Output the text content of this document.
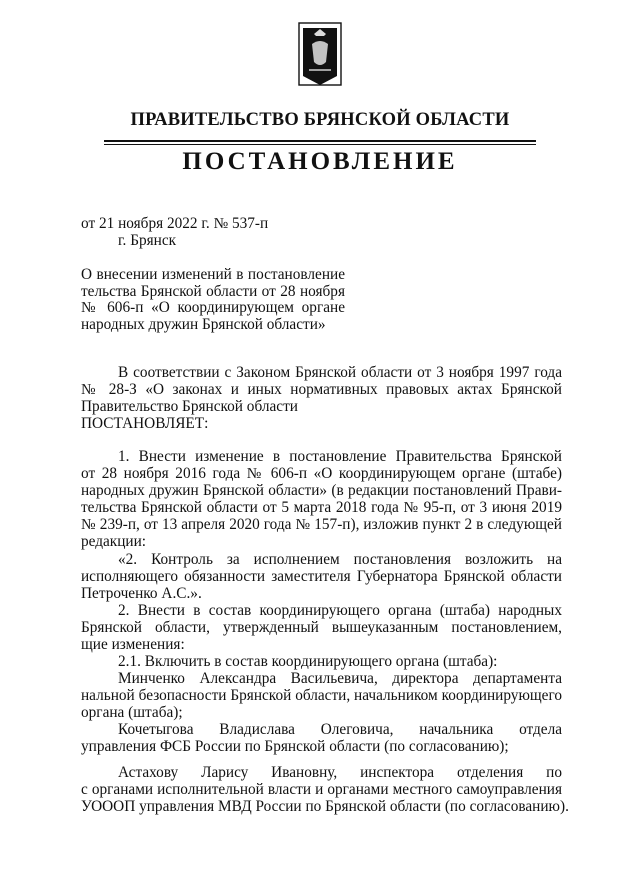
ПРАВИТЕЛЬСТВО БРЯНСКОЙ ОБЛАСТИ
ПОСТАНОВЛЕНИЕ
от 21 ноября 2022 г. № 537-п
г. Брянск
О внесении изменений в постановление
тельства Брянской области от 28 ноября
№ 606-п «О координирующем органе
народных дружин Брянской области»
В соответствии с Законом Брянской области от 3 ноября 1997 года
№ 28-З «О законах и иных нормативных правовых актах Брянской
Правительство Брянской области
ПОСТАНОВЛЯЕТ:
1. Внести изменение в постановление Правительства Брянской
от 28 ноября 2016 года № 606-п «О координирующем органе (штабе)
народных дружин Брянской области» (в редакции постановлений Прави-
тельства Брянской области от 5 марта 2018 года № 95-п, от 3 июня 2019
№ 239-п, от 13 апреля 2020 года № 157-п), изложив пункт 2 в следующей
редакции:
«2. Контроль за исполнением постановления возложить на
исполняющего обязанности заместителя Губернатора Брянской области
Петроченко А.С.».
2. Внести в состав координирующего органа (штаба) народных
Брянской области, утвержденный вышеуказанным постановлением,
щие изменения:
2.1. Включить в состав координирующего органа (штаба):
Минченко Александра Васильевича, директора департамента
нальной безопасности Брянской области, начальником координирующего
органа (штаба);
Кочетыгова Владислава Олеговича, начальника отдела
управления ФСБ России по Брянской области (по согласованию);
Астахову Ларису Ивановну, инспектора отделения по
с органами исполнительной власти и органами местного самоуправления
УОООП управления МВД России по Брянской области (по согласованию).
